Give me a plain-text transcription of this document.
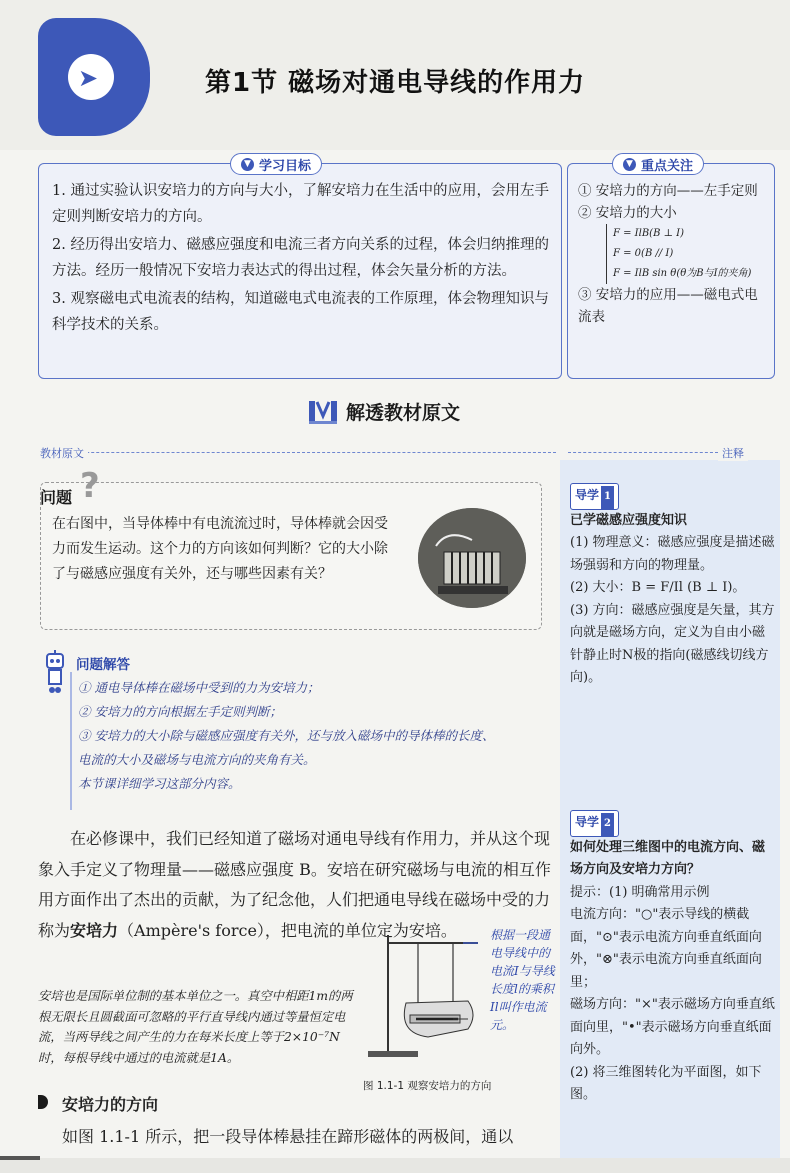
➤	第1节 磁场对通电导线的作用力
▼ 学习目标

1. 通过实验认识安培力的方向与大小，了解安培力在生活中的应用，会用左手定则判断安培力的方向。

2. 经历得出安培力、磁感应强度和电流三者方向关系的过程，体会归纳推理的方法。经历一般情况下安培力表达式的得出过程，体会矢量分析的方法。

3. 观察磁电式电流表的结构，知道磁电式电流表的工作原理，体会物理知识与科学技术的关系。

▼ 重点关注

① 安培力的方向——左手定则

② 安培力的大小

F = IlB(B ⊥ I)
F = 0(B // I)
F = IlB sin θ(θ为B与I的夹角)

③ 安培力的应用——磁电式电流表

解透教材原文
教材原文	注释
?
问题
在右图中，当导体棒中有电流流过时，导体棒就会因受力而发生运动。这个力的方向该如何判断？它的大小除了与磁感应强度有关外，还与哪些因素有关？
问题解答

① 通电导体棒在磁场中受到的力为安培力；

② 安培力的方向根据左手定则判断；

③ 安培力的大小除与磁感应强度有关外，还与放入磁场中的导体棒的长度、

电流的大小及磁场与电流方向的夹角有关。

本节课详细学习这部分内容。

在必修课中，我们已经知道了磁场对通电导线有作用力，并从这个现象入手定义了物理量——磁感应强度 B。安培在研究磁场与电流的相互作用方面作出了杰出的贡献，为了纪念他，人们把通电导线在磁场中受的力称为安培力（Ampère's force），把电流的单位定为安培。
安培也是国际单位制的基本单位之一。真空中相距1m的两根无限长且圆截面可忽略的平行直导线内通过等量恒定电流，当两导线之间产生的力在每米长度上等于2×10⁻⁷N时，每根导线中通过的电流就是1A。
根据一段通电导线中的电流I与导线长度l的乘积Il叫作电流元。
图 1.1-1 观察安培力的方向
安培力的方向
如图 1.1-1 所示，把一段导体棒悬挂在蹄形磁体的两极间，通以

导学 1

已学磁感应强度知识

(1) 物理意义：磁感应强度是描述磁场强弱和方向的物理量。

(2) 大小：B = F/Il (B ⊥ I)。

(3) 方向：磁感应强度是矢量，其方向就是磁场方向，定义为自由小磁针静止时N极的指向(磁感线切线方向)。

导学 2

如何处理三维图中的电流方向、磁场方向及安培力方向？

提示：(1) 明确常用示例

电流方向："○"表示导线的横截面，"⊙"表示电流方向垂直纸面向外，"⊗"表示电流方向垂直纸面向里；

磁场方向："×"表示磁场方向垂直纸面向里，"•"表示磁场方向垂直纸面向外。

(2) 将三维图转化为平面图，如下图。
